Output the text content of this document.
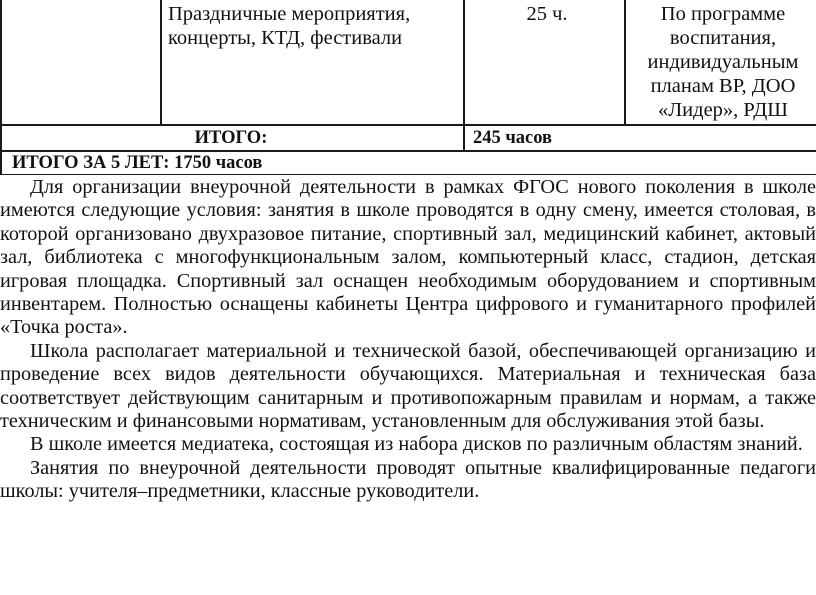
Праздничные мероприятия, концерты, КТД, фестивали
25 ч.	По программе воспитания, индивидуальным планам ВР, ДОО «Лидер», РДШ
ИТОГО:	245 часов
ИТОГО ЗА 5 ЛЕТ: 1750 часов

Для организации внеурочной деятельности в рамках ФГОС нового поколения в школе имеются следующие условия: занятия в школе проводятся в одну смену, имеется столовая, в которой организовано двухразовое питание, спортивный зал, медицинский кабинет, актовый зал, библиотека с многофункциональным залом, компьютерный класс, стадион, детская игровая площадка. Спортивный зал оснащен необходимым оборудованием и спортивным инвентарем. Полностью оснащены кабинеты Центра цифрового и гуманитарного профилей «Точка роста».

Школа располагает материальной и технической базой, обеспечивающей организацию и проведение всех видов деятельности обучающихся. Материальная и техническая база соответствует действующим санитарным и противопожарным правилам и нормам, а также техническим и финансовыми нормативам, установленным для обслуживания этой базы.

В школе имеется медиатека, состоящая из набора дисков по различным областям знаний.

Занятия по внеурочной деятельности проводят опытные квалифицированные педагоги школы: учителя–предметники, классные руководители.
